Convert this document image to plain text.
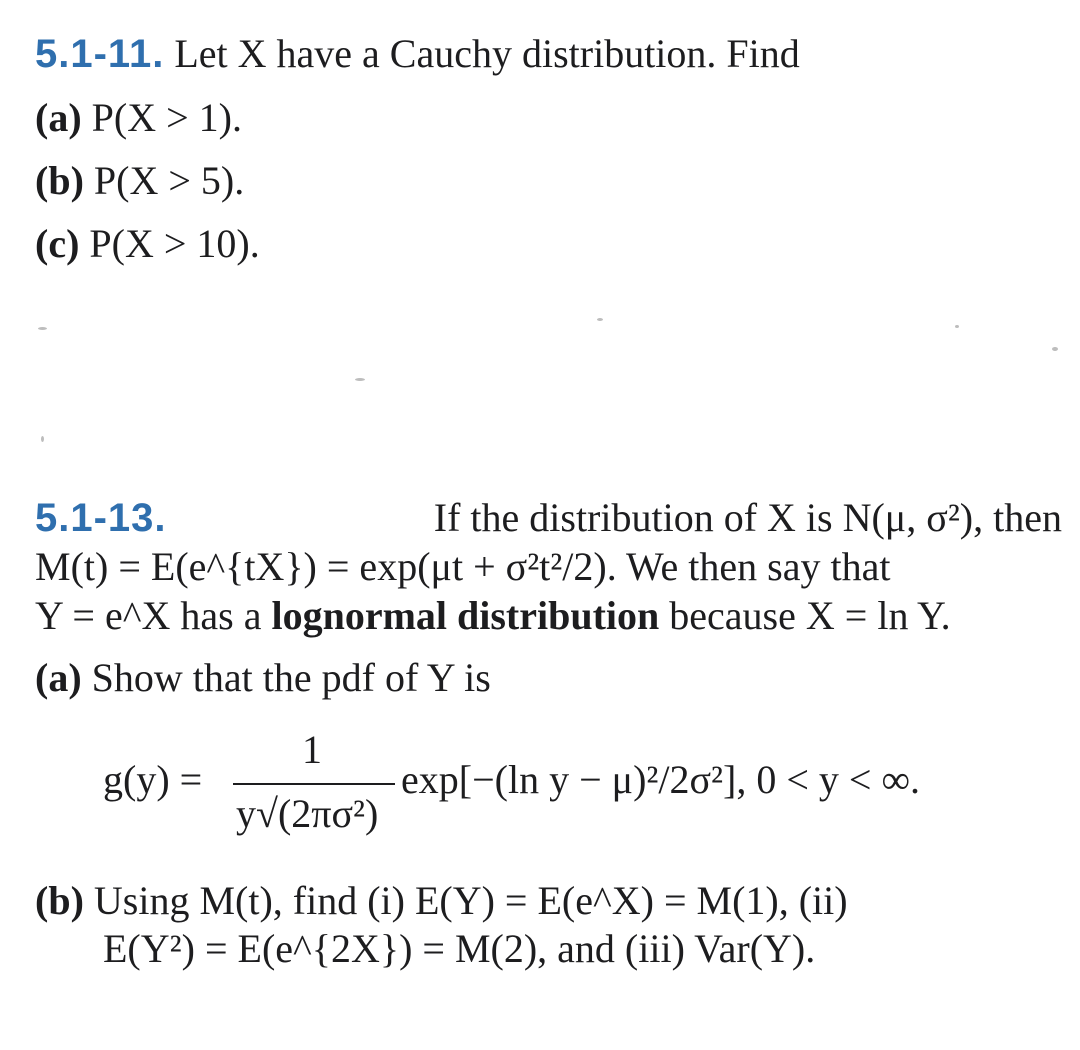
5.1-11. Let X have a Cauchy distribution. Find
(a) P(X > 1).
(b) P(X > 5).
(c) P(X > 10).
5.1-13.	If the distribution of X is N(μ, σ²), then
M(t) = E(e^{tX}) = exp(μt + σ²t²/2). We then say that
Y = e^X has a lognormal distribution because X = ln Y.
(a) Show that the pdf of Y is
g(y) =
1
y√(2πσ²)
exp[−(ln y − μ)²/2σ²], 0 < y < ∞.
(b) Using M(t), find (i) E(Y) = E(e^X) = M(1), (ii)
E(Y²) = E(e^{2X}) = M(2), and (iii) Var(Y).
